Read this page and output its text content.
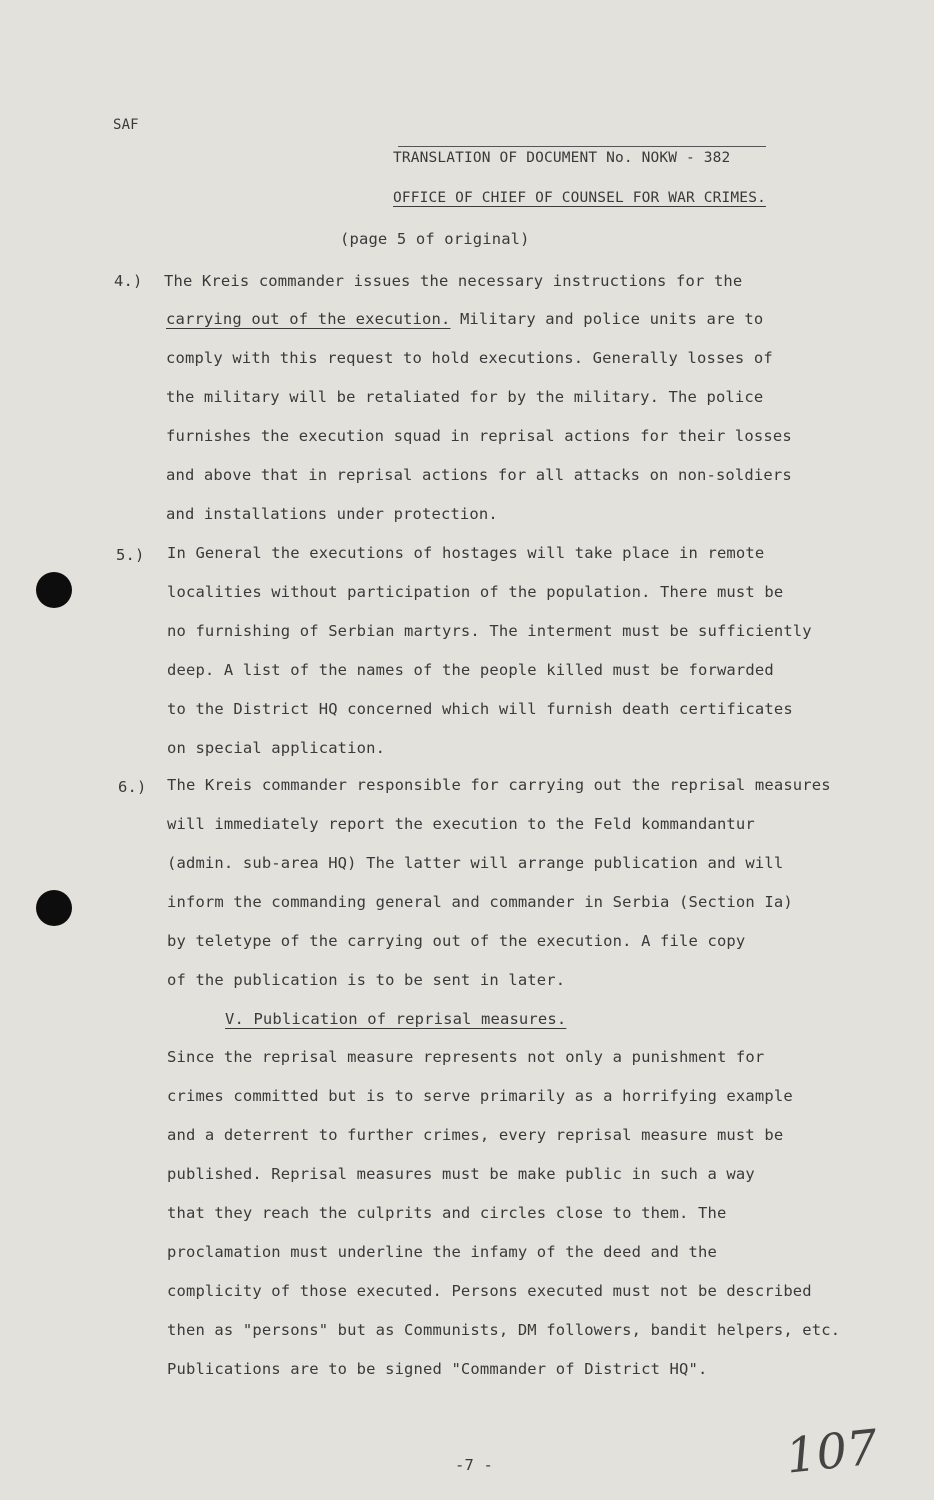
SAF
TRANSLATION OF DOCUMENT No. NOKW - 382
OFFICE OF CHIEF OF COUNSEL FOR WAR CRIMES.
(page 5 of original)
4.) The Kreis commander issues the necessary instructions for the
carrying out of the execution. Military and police units are to
comply with this request to hold executions. Generally losses of
the military will be retaliated for by the military. The police
furnishes the execution squad in reprisal actions for their losses
and above that in reprisal actions for all attacks on non-soldiers
and installations under protection.
5.) In General the executions of hostages will take place in remote
localities without participation of the population. There must be
no furnishing of Serbian martyrs. The interment must be sufficiently
deep. A list of the names of the people killed must be forwarded
to the District HQ concerned which will furnish death certificates
on special application.
6.) The Kreis commander responsible for carrying out the reprisal measures
will immediately report the execution to the Feld kommandantur
(admin. sub-area HQ) The latter will arrange publication and will
inform the commanding general and commander in Serbia (Section Ia)
by teletype of the carrying out of the execution. A file copy
of the publication is to be sent in later.
V. Publication of reprisal measures.
Since the reprisal measure represents not only a punishment for
crimes committed but is to serve primarily as a horrifying example
and a deterrent to further crimes, every reprisal measure must be
published. Reprisal measures must be make public in such a way
that they reach the culprits and circles close to them. The
proclamation must underline the infamy of the deed and the
complicity of those executed. Persons executed must not be described
then as "persons" but as Communists, DM followers, bandit helpers, etc.
Publications are to be signed "Commander of District HQ".
-7 -	107
